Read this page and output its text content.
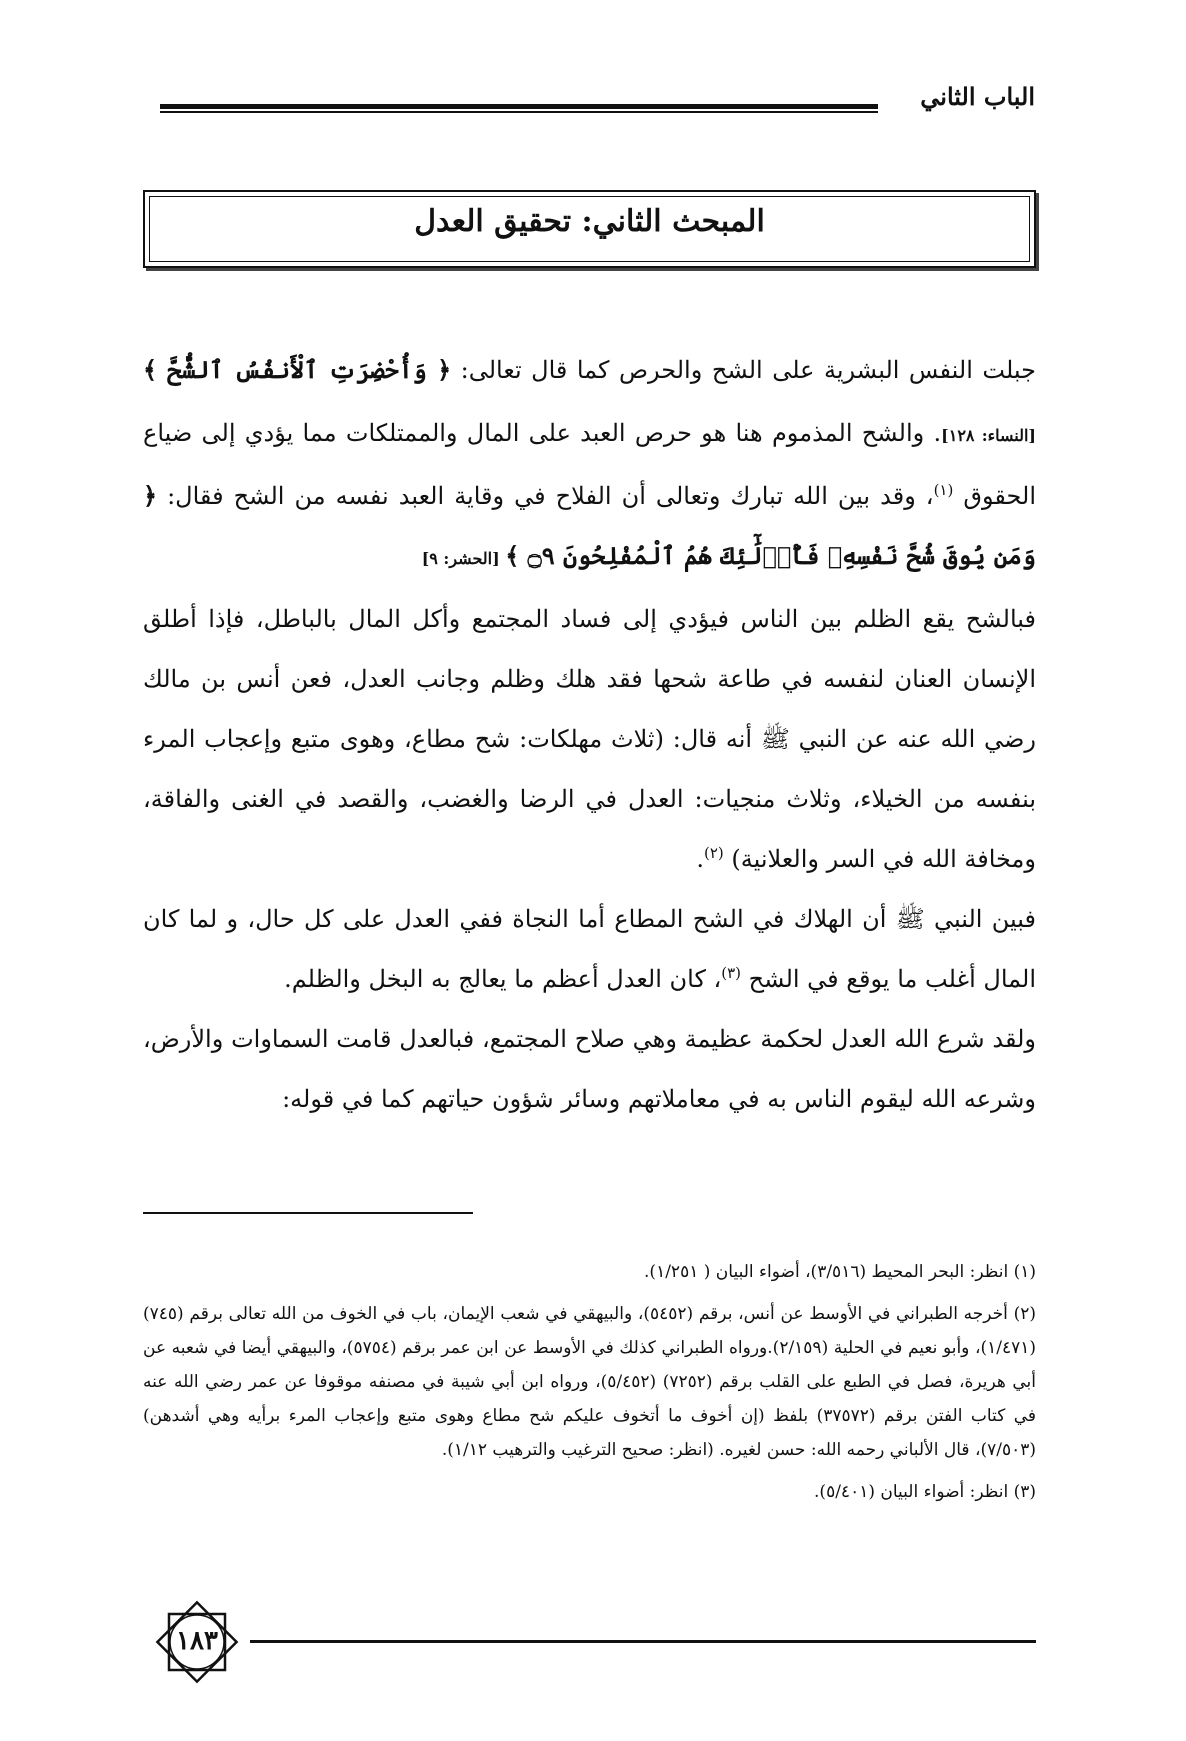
الباب الثاني
المبحث الثاني: تحقيق العدل

جبلت النفس البشرية على الشح والحرص كما قال تعالى: ﴿ وَأُحْضِرَتِ ٱلْأَنفُسُ ٱلشُّحَّ ﴾ [النساء: ١٢٨]. والشح المذموم هنا هو حرص العبد على المال والممتلكات مما يؤدي إلى ضياع الحقوق $^{(١)}$، وقد بين الله تبارك وتعالى أن الفلاح في وقاية العبد نفسه من الشح فقال: ﴿ وَمَن يُوقَ شُحَّ نَفْسِهِۦ فَأُو۟لَٰٓئِكَ هُمُ ٱلْمُفْلِحُونَ ۝٩ ﴾ [الحشر: ٩]

فبالشح يقع الظلم بين الناس فيؤدي إلى فساد المجتمع وأكل المال بالباطل، فإذا أطلق الإنسان العنان لنفسه في طاعة شحها فقد هلك وظلم وجانب العدل، فعن أنس بن مالك رضي الله عنه عن النبي ﷺ أنه قال: (ثلاث مهلكات: شح مطاع، وهوى متبع وإعجاب المرء بنفسه من الخيلاء، وثلاث منجيات: العدل في الرضا والغضب، والقصد في الغنى والفاقة، ومخافة الله في السر والعلانية) $^{(٢)}$.

فبين النبي ﷺ أن الهلاك في الشح المطاع أما النجاة ففي العدل على كل حال، و لما كان المال أغلب ما يوقع في الشح $^{(٣)}$، كان العدل أعظم ما يعالج به البخل والظلم.

ولقد شرع الله العدل لحكمة عظيمة وهي صلاح المجتمع، فبالعدل قامت السماوات والأرض، وشرعه الله ليقوم الناس به في معاملاتهم وسائر شؤون حياتهم كما في قوله:

(١) انظر: البحر المحيط (٣/٥١٦)، أضواء البيان ( ١/٢٥١).

(٢) أخرجه الطبراني في الأوسط عن أنس، برقم (٥٤٥٢)، والبيهقي في شعب الإيمان، باب في الخوف من الله تعالى برقم (٧٤٥) (١/٤٧١)، وأبو نعيم في الحلية (٢/١٥٩).ورواه الطبراني كذلك في الأوسط عن ابن عمر برقم (٥٧٥٤)، والبيهقي أيضا في شعبه عن أبي هريرة، فصل في الطبع على القلب برقم (٧٢٥٢) (٥/٤٥٢)، ورواه ابن أبي شيبة في مصنفه موقوفا عن عمر رضي الله عنه في كتاب الفتن برقم (٣٧٥٧٢) بلفظ (إن أخوف ما أتخوف عليكم شح مطاع وهوى متبع وإعجاب المرء برأيه وهي أشدهن) (٧/٥٠٣)، قال الألباني رحمه الله: حسن لغيره. (انظر: صحيح الترغيب والترهيب ١/١٢).

(٣) انظر: أضواء البيان (٥/٤٠١).

١٨٣
